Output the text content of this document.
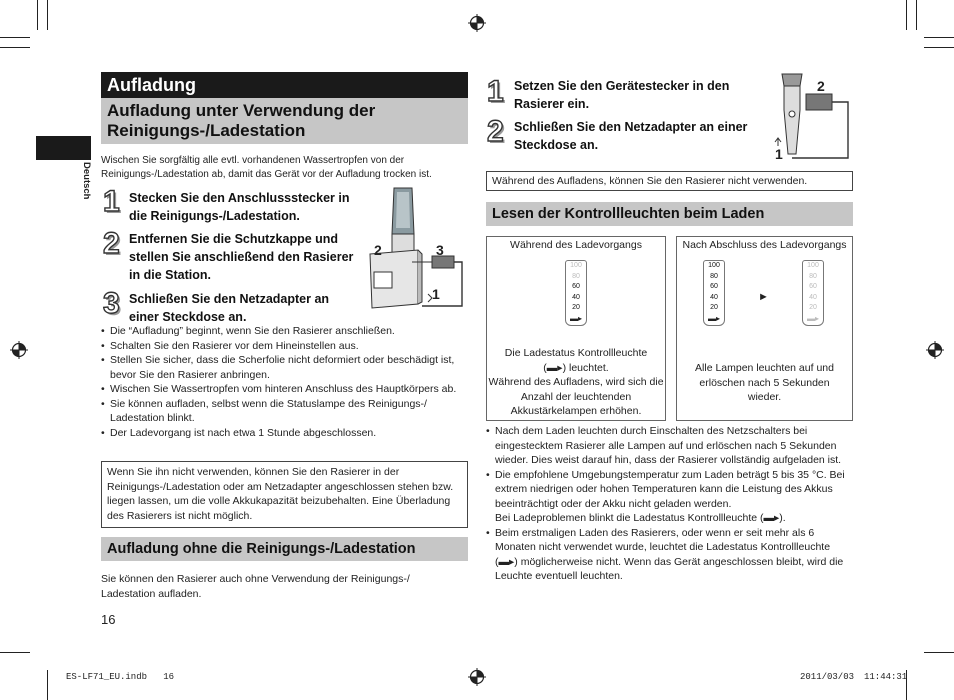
Deutsch
Aufladung
Aufladung unter Verwendung der Reinigungs-/Ladestation
Wischen Sie sorgfältig alle evtl. vorhandenen Wassertropfen von der Reinigungs-/Ladestation ab, damit das Gerät vor der Aufladung trocken ist.
1 Stecken Sie den Anschlussstecker in die Reinigungs-/Ladestation.
2 Entfernen Sie die Schutzkappe und stellen Sie anschließend den Rasierer in die Station.
3 Schließen Sie den Netzadapter an einer Steckdose an.
2	3
1
• Die “Aufladung” beginnt, wenn Sie den Rasierer anschließen.
• Schalten Sie den Rasierer vor dem Hineinstellen aus.
• Stellen Sie sicher, dass die Scherfolie nicht deformiert oder beschädigt ist, bevor Sie den Rasierer anbringen.
• Wischen Sie Wassertropfen vom hinteren Anschluss des Hauptkörpers ab.
• Sie können aufladen, selbst wenn die Statuslampe des Reinigungs-/ Ladestation blinkt.
• Der Ladevorgang ist nach etwa 1 Stunde abgeschlossen.
Wenn Sie ihn nicht verwenden, können Sie den Rasierer in der Reinigungs-/Ladestation oder am Netzadapter angeschlossen stehen bzw. liegen lassen, um die volle Akkukapazität beizubehalten. Eine Überladung des Rasierers ist nicht möglich.
Aufladung ohne die Reinigungs-/Ladestation
Sie können den Rasierer auch ohne Verwendung der Reinigungs-/ Ladestation aufladen.
16
1 Setzen Sie den Gerätestecker in den Rasierer ein.
2 Schließen Sie den Netzadapter an einer Steckdose an.
2
1
Während des Aufladens, können Sie den Rasierer nicht verwenden.
Lesen der Kontrollleuchten beim Laden
Während des Ladevorgangs	Nach Abschluss des Ladevorgangs
100
80
60
40
20
▬▸
100
80
60
40
20
▬▸
►
100
80
60
40
20
▬▸
Die Ladestatus Kontrollleuchte
(▬▸) leuchtet.
Während des Aufladens, wird sich die Anzahl der leuchtenden Akkustärkelampen erhöhen.
Alle Lampen leuchten auf und erlöschen nach 5 Sekunden wieder.
• Nach dem Laden leuchten durch Einschalten des Netzschalters bei eingestecktem Rasierer alle Lampen auf und erlöschen nach 5 Sekunden wieder. Dies weist darauf hin, dass der Rasierer vollständig aufgeladen ist.
• Die empfohlene Umgebungstemperatur zum Laden beträgt 5 bis 35 °C. Bei extrem niedrigen oder hohen Temperaturen kann die Leistung des Akkus beeinträchtigt oder der Akku nicht geladen werden.
Bei Ladeproblemen blinkt die Ladestatus Kontrollleuchte (▬▸).
• Beim erstmaligen Laden des Rasierers, oder wenn er seit mehr als 6 Monaten nicht verwendet wurde, leuchtet die Ladestatus Kontrollleuchte (▬▸) möglicherweise nicht. Wenn das Gerät angeschlossen bleibt, wird die Leuchte eventuell leuchten.
ES-LF71_EU.indb   16	2011/03/03 11:44:31
